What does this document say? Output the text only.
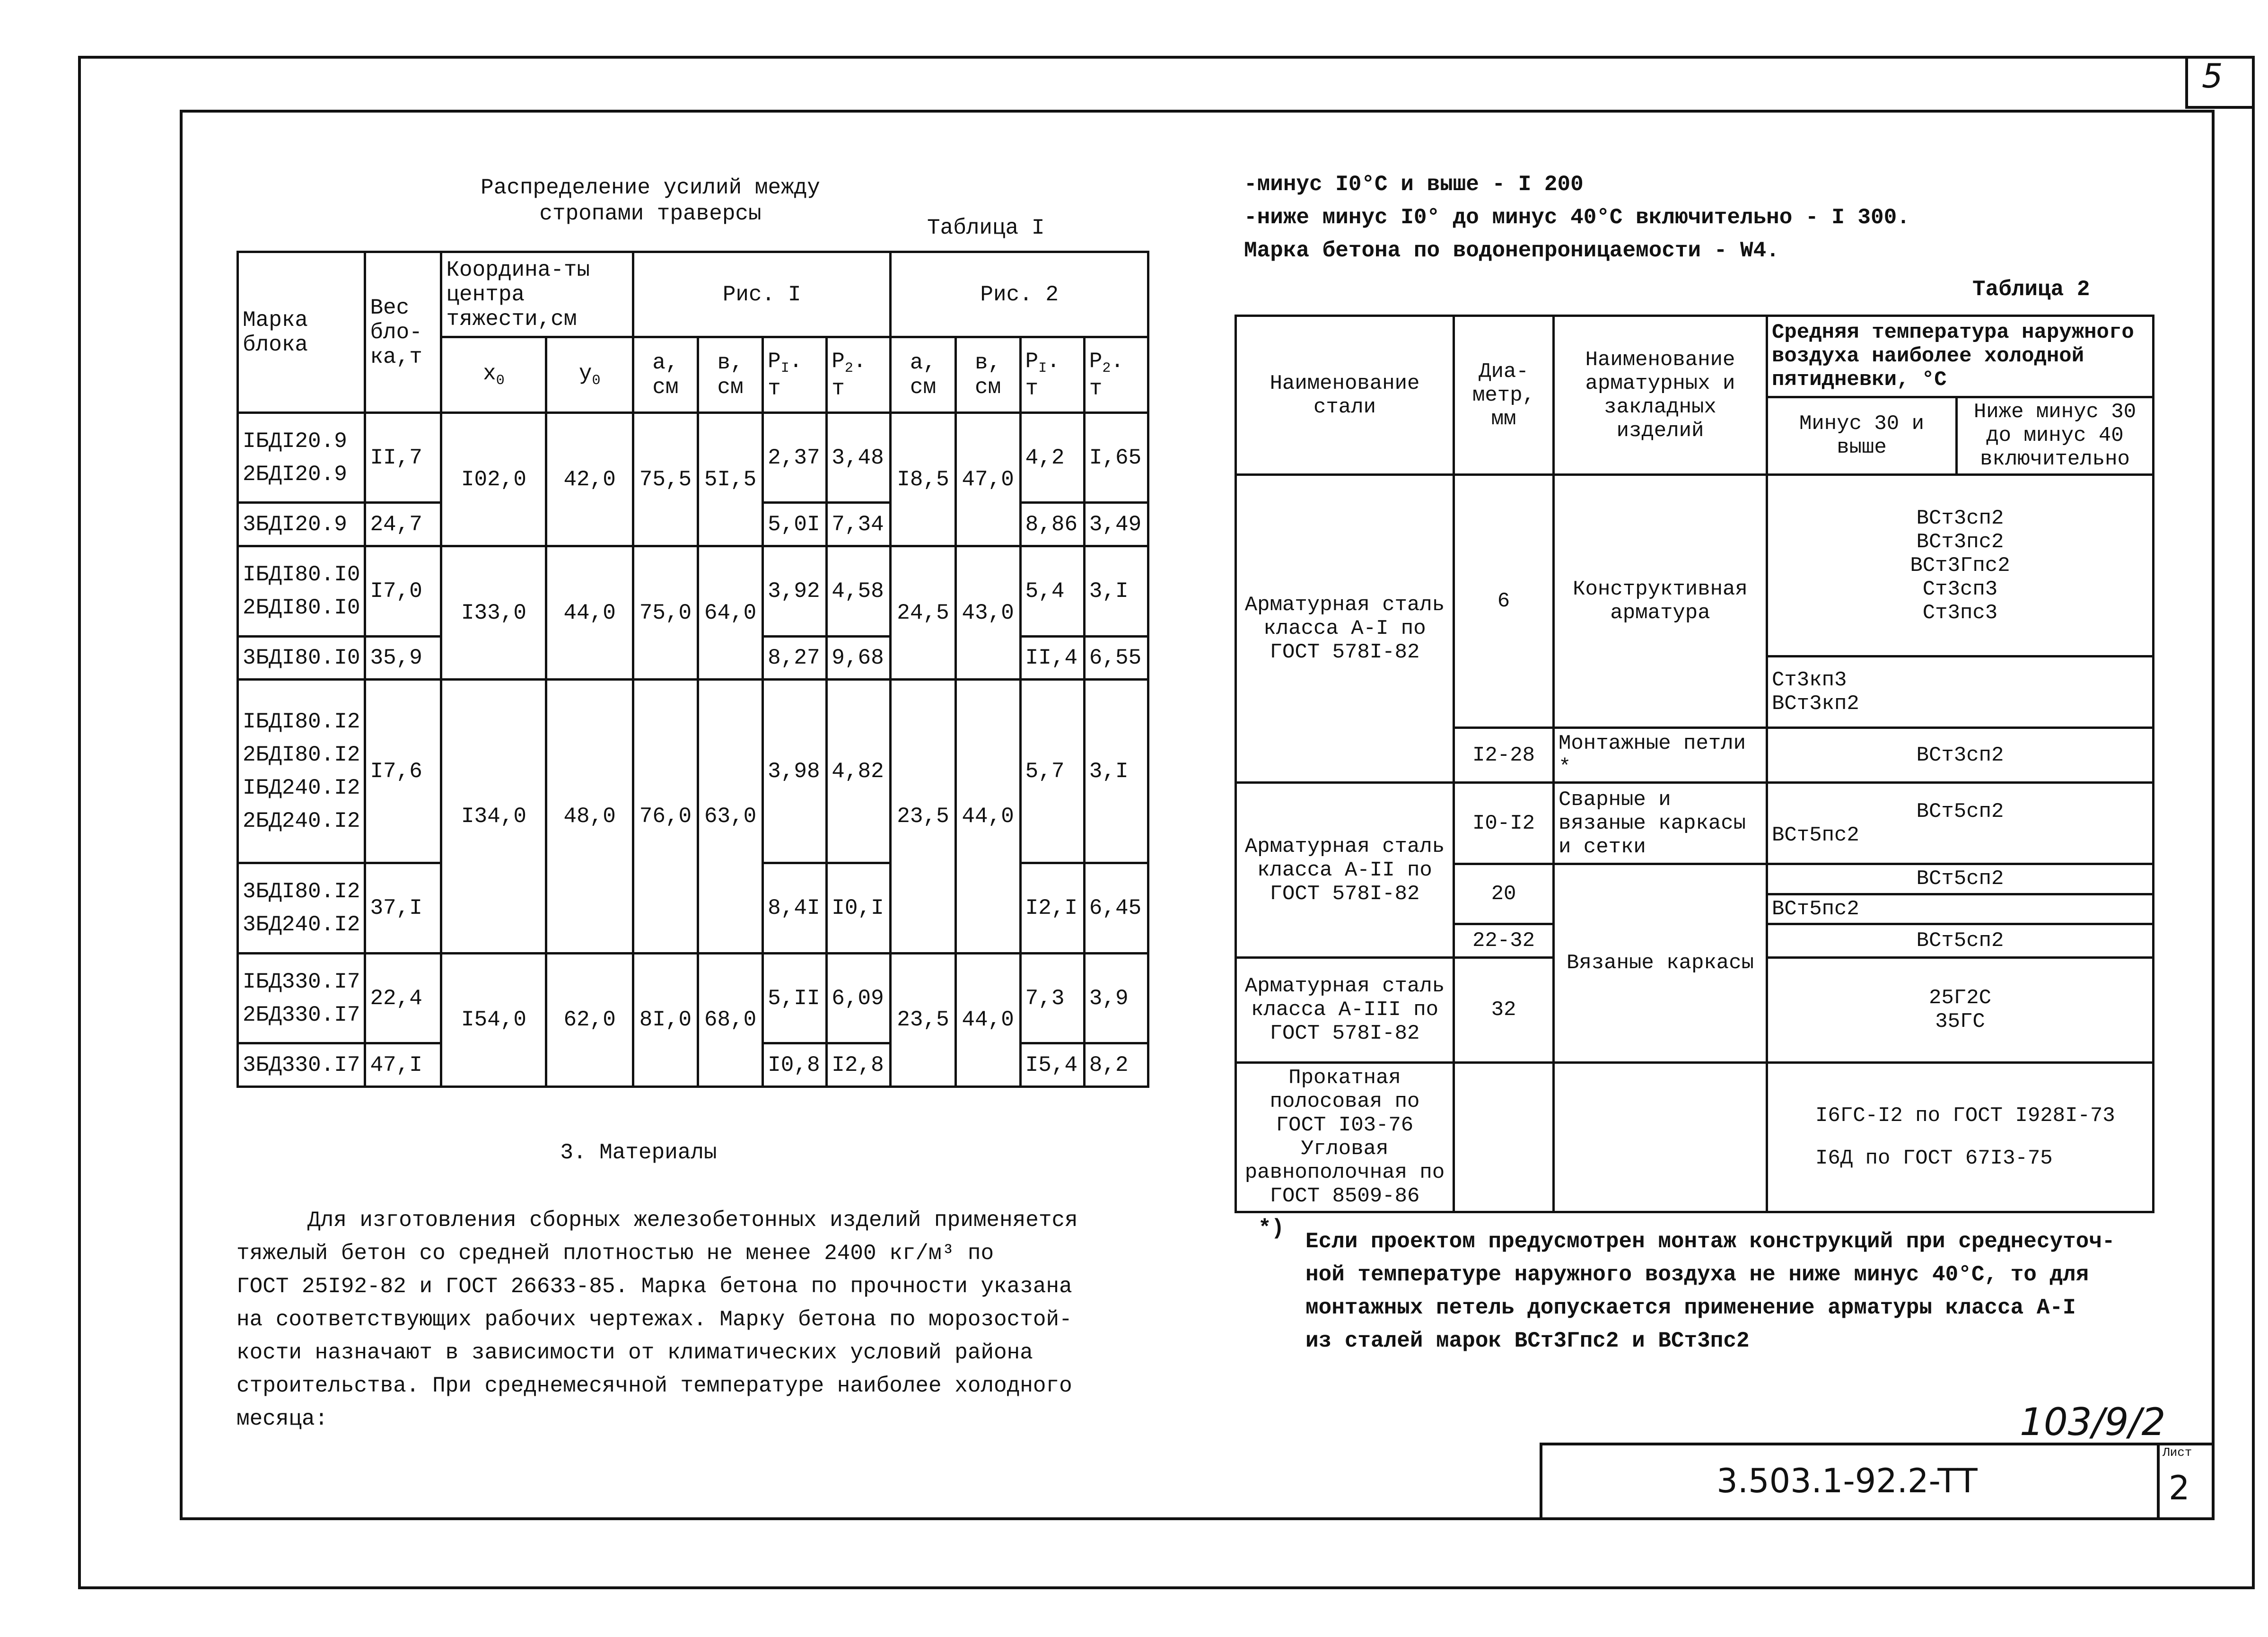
5
Распределение усилий между
стропами траверсы
Таблица I
Марка блока	Вес бло-ка,т	Координа-ты центра тяжести,см		Рис. I				Рис. 2			
		$x_0$	$y_0$	а, см	в, см	$P_I$. т	$P_2$. т	а, см	в, см	$P_I$. т	$P_2$. т

IБДI20.9
2БДI20.9	II,7	I02,0	42,0	75,5	5I,5	2,37	3,48	I8,5	47,0	4,2	I,65
3БДI20.9	24,7					5,0I	7,34			8,86	3,49

IБДI80.I0
2БДI80.I0	I7,0	I33,0	44,0	75,0	64,0	3,92	4,58	24,5	43,0	5,4	3,I
3БДI80.I0	35,9					8,27	9,68			II,4	6,55

IБДI80.I2
2БДI80.I2
IБД240.I2
2БД240.I2	I7,6	I34,0	48,0	76,0	63,0	3,98	4,82	23,5	44,0	5,7	3,I

3БДI80.I2
3БД240.I2	37,I					8,4I	I0,I			I2,I	6,45

IБД330.I7
2БД330.I7	22,4	I54,0	62,0	8I,0	68,0	5,II	6,09	23,5	44,0	7,3	3,9
3БД330.I7	47,I					I0,8	I2,8			I5,4	8,2
3. Материалы
Для изготовления сборных железобетонных изделий применяется
тяжелый бетон со средней плотностью не менее 2400 кг/м³ по
ГОСТ 25I92-82 и ГОСТ 26633-85. Марка бетона по прочности указана
на соответствующих рабочих чертежах. Марку бетона по морозостой-
кости назначают в зависимости от климатических условий района
строительства. При среднемесячной температуре наиболее холодного
месяца:
-минус I0°C и выше - I 200
-ниже минус I0° до минус 40°C включительно - I 300.
Марка бетона по водонепроницаемости - W4.
Таблица 2
Наименование стали	Диа-метр, мм	Наименование арматурных и закладных изделий	Средняя температура наружного воздуха наиболее холодной пятидневки, °С	
			Минус 30 и выше	Ниже минус 30 до минус 40 включительно
Арматурная сталь класса А-I по ГОСТ 578I-82	6	Конструктивная арматура	ВСт3сп2
ВСт3пс2
ВСт3Гпс2
Ст3сп3
Ст3пс3	

			Ст3кп3
ВСт3кп2	

	I2-28	Монтажные петли *	ВСт3сп2	
Арматурная сталь класса А-II по ГОСТ 578I-82	I0-I2	Сварные и вязаные каркасы и сетки	ВСт5сп2
ВСт5пс2	

	20	Вязаные каркасы	ВСт5сп2	
			ВСт5пс2	
	22-32		ВСт5сп2	
Арматурная сталь класса А-III по ГОСТ 578I-82	32		25Г2С
35ГС	

Прокатная полосовая по ГОСТ I03-76 Угловая равнополочная по ГОСТ 8509-86			I6ГС-I2 по ГОСТ I928I-73
I6Д по ГОСТ 67I3-75	
*)
Если проектом предусмотрен монтаж конструкций при среднесуточ-
ной температуре наружного воздуха не ниже минус 40°С, то для
монтажных петель допускается применение арматуры класса А-I
из сталей марок ВСт3Гпс2 и ВСт3пс2
103/9/2
3.503.1-92.2-TT
Лист
2
